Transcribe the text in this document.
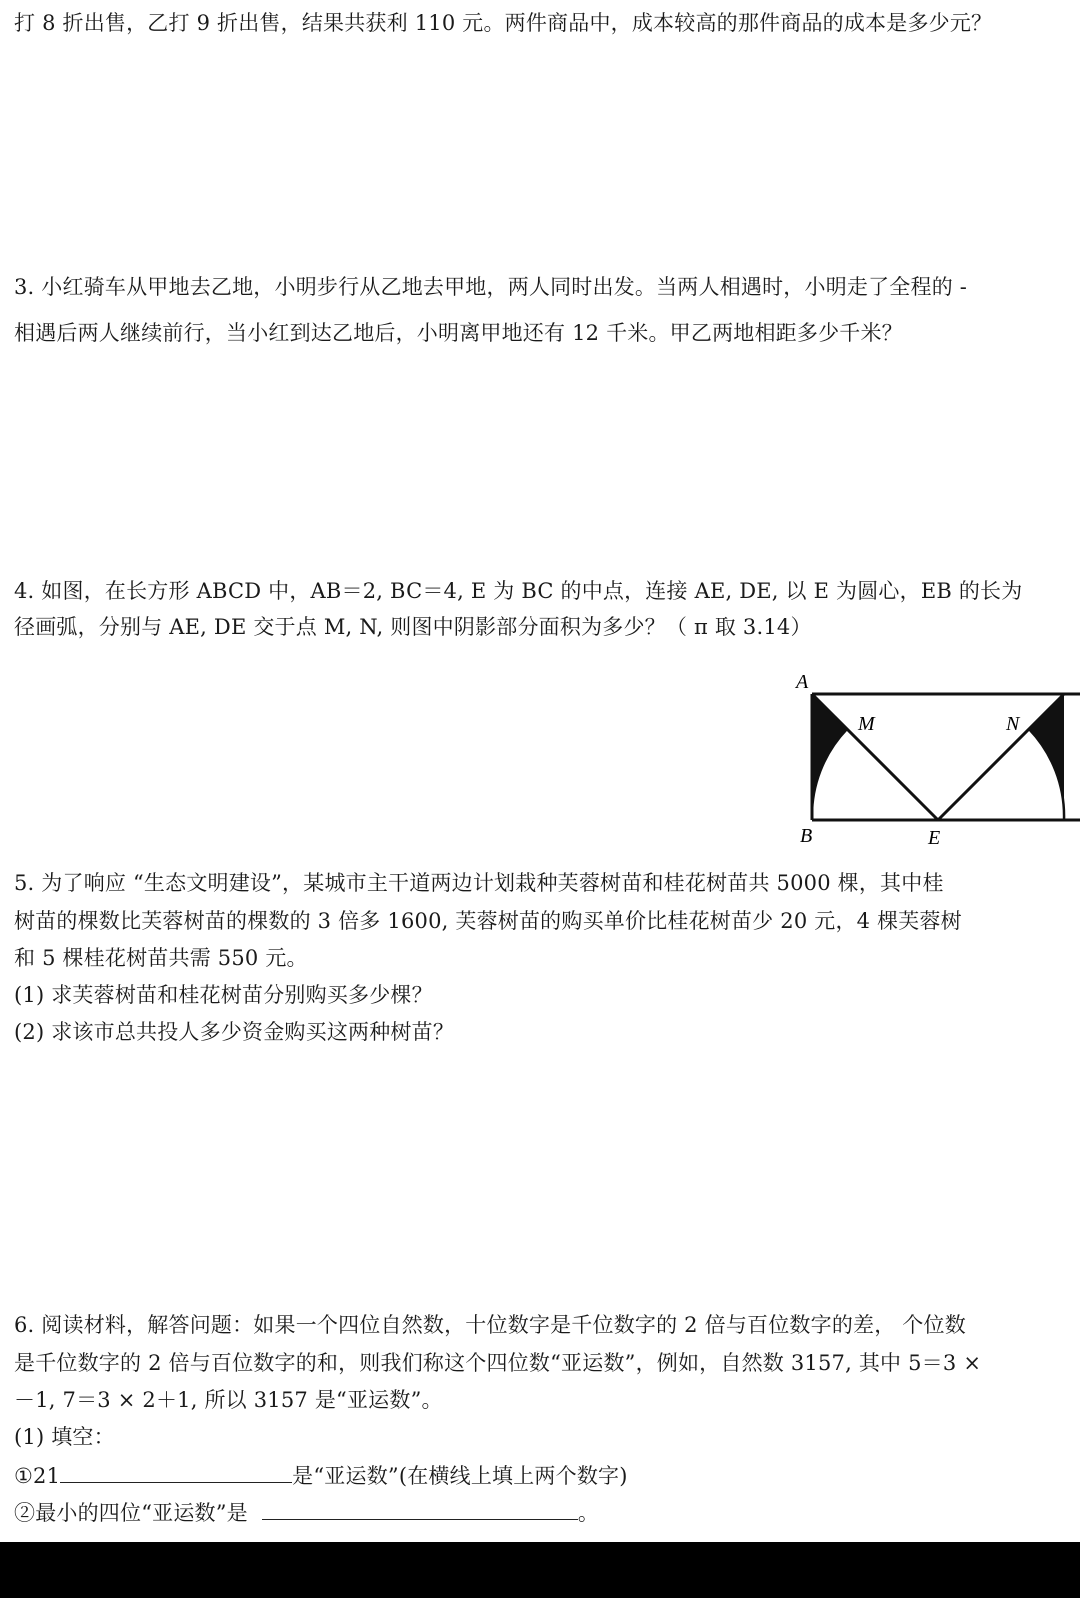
打 8 折出售，乙打 9 折出售，结果共获利 110 元。两件商品中，成本较高的那件商品的成本是多少元？
3. 小红骑车从甲地去乙地，小明步行从乙地去甲地，两人同时出发。当两人相遇时，小明走了全程的 -
相遇后两人继续前行，当小红到达乙地后，小明离甲地还有 12 千米。甲乙两地相距多少千米？
4. 如图，在长方形 ABCD 中，AB＝2, BC＝4, E 为 BC 的中点，连接 AE, DE, 以 E 为圆心，EB 的长为
径画弧，分别与 AE, DE 交于点 M, N, 则图中阴影部分面积为多少？（ π 取 3.14）
A
M	N
B	E
5. 为了响应 “生态文明建设”，某城市主干道两边计划栽种芙蓉树苗和桂花树苗共 5000 棵，其中桂
树苗的棵数比芙蓉树苗的棵数的 3 倍多 1600, 芙蓉树苗的购买单价比桂花树苗少 20 元，4 棵芙蓉树
和 5 棵桂花树苗共需 550 元。
(1) 求芙蓉树苗和桂花树苗分别购买多少棵？
(2) 求该市总共投人多少资金购买这两种树苗？
6. 阅读材料，解答问题：如果一个四位自然数，十位数字是千位数字的 2 倍与百位数字的差， 个位数
是千位数字的 2 倍与百位数字的和，则我们称这个四位数“亚运数”，例如，自然数 3157, 其中 5＝3 ×
－1, 7＝3 × 2＋1, 所以 3157 是“亚运数”。
(1) 填空：
①21	是“亚运数”(在横线上填上两个数字)
②最小的四位“亚运数”是	。
